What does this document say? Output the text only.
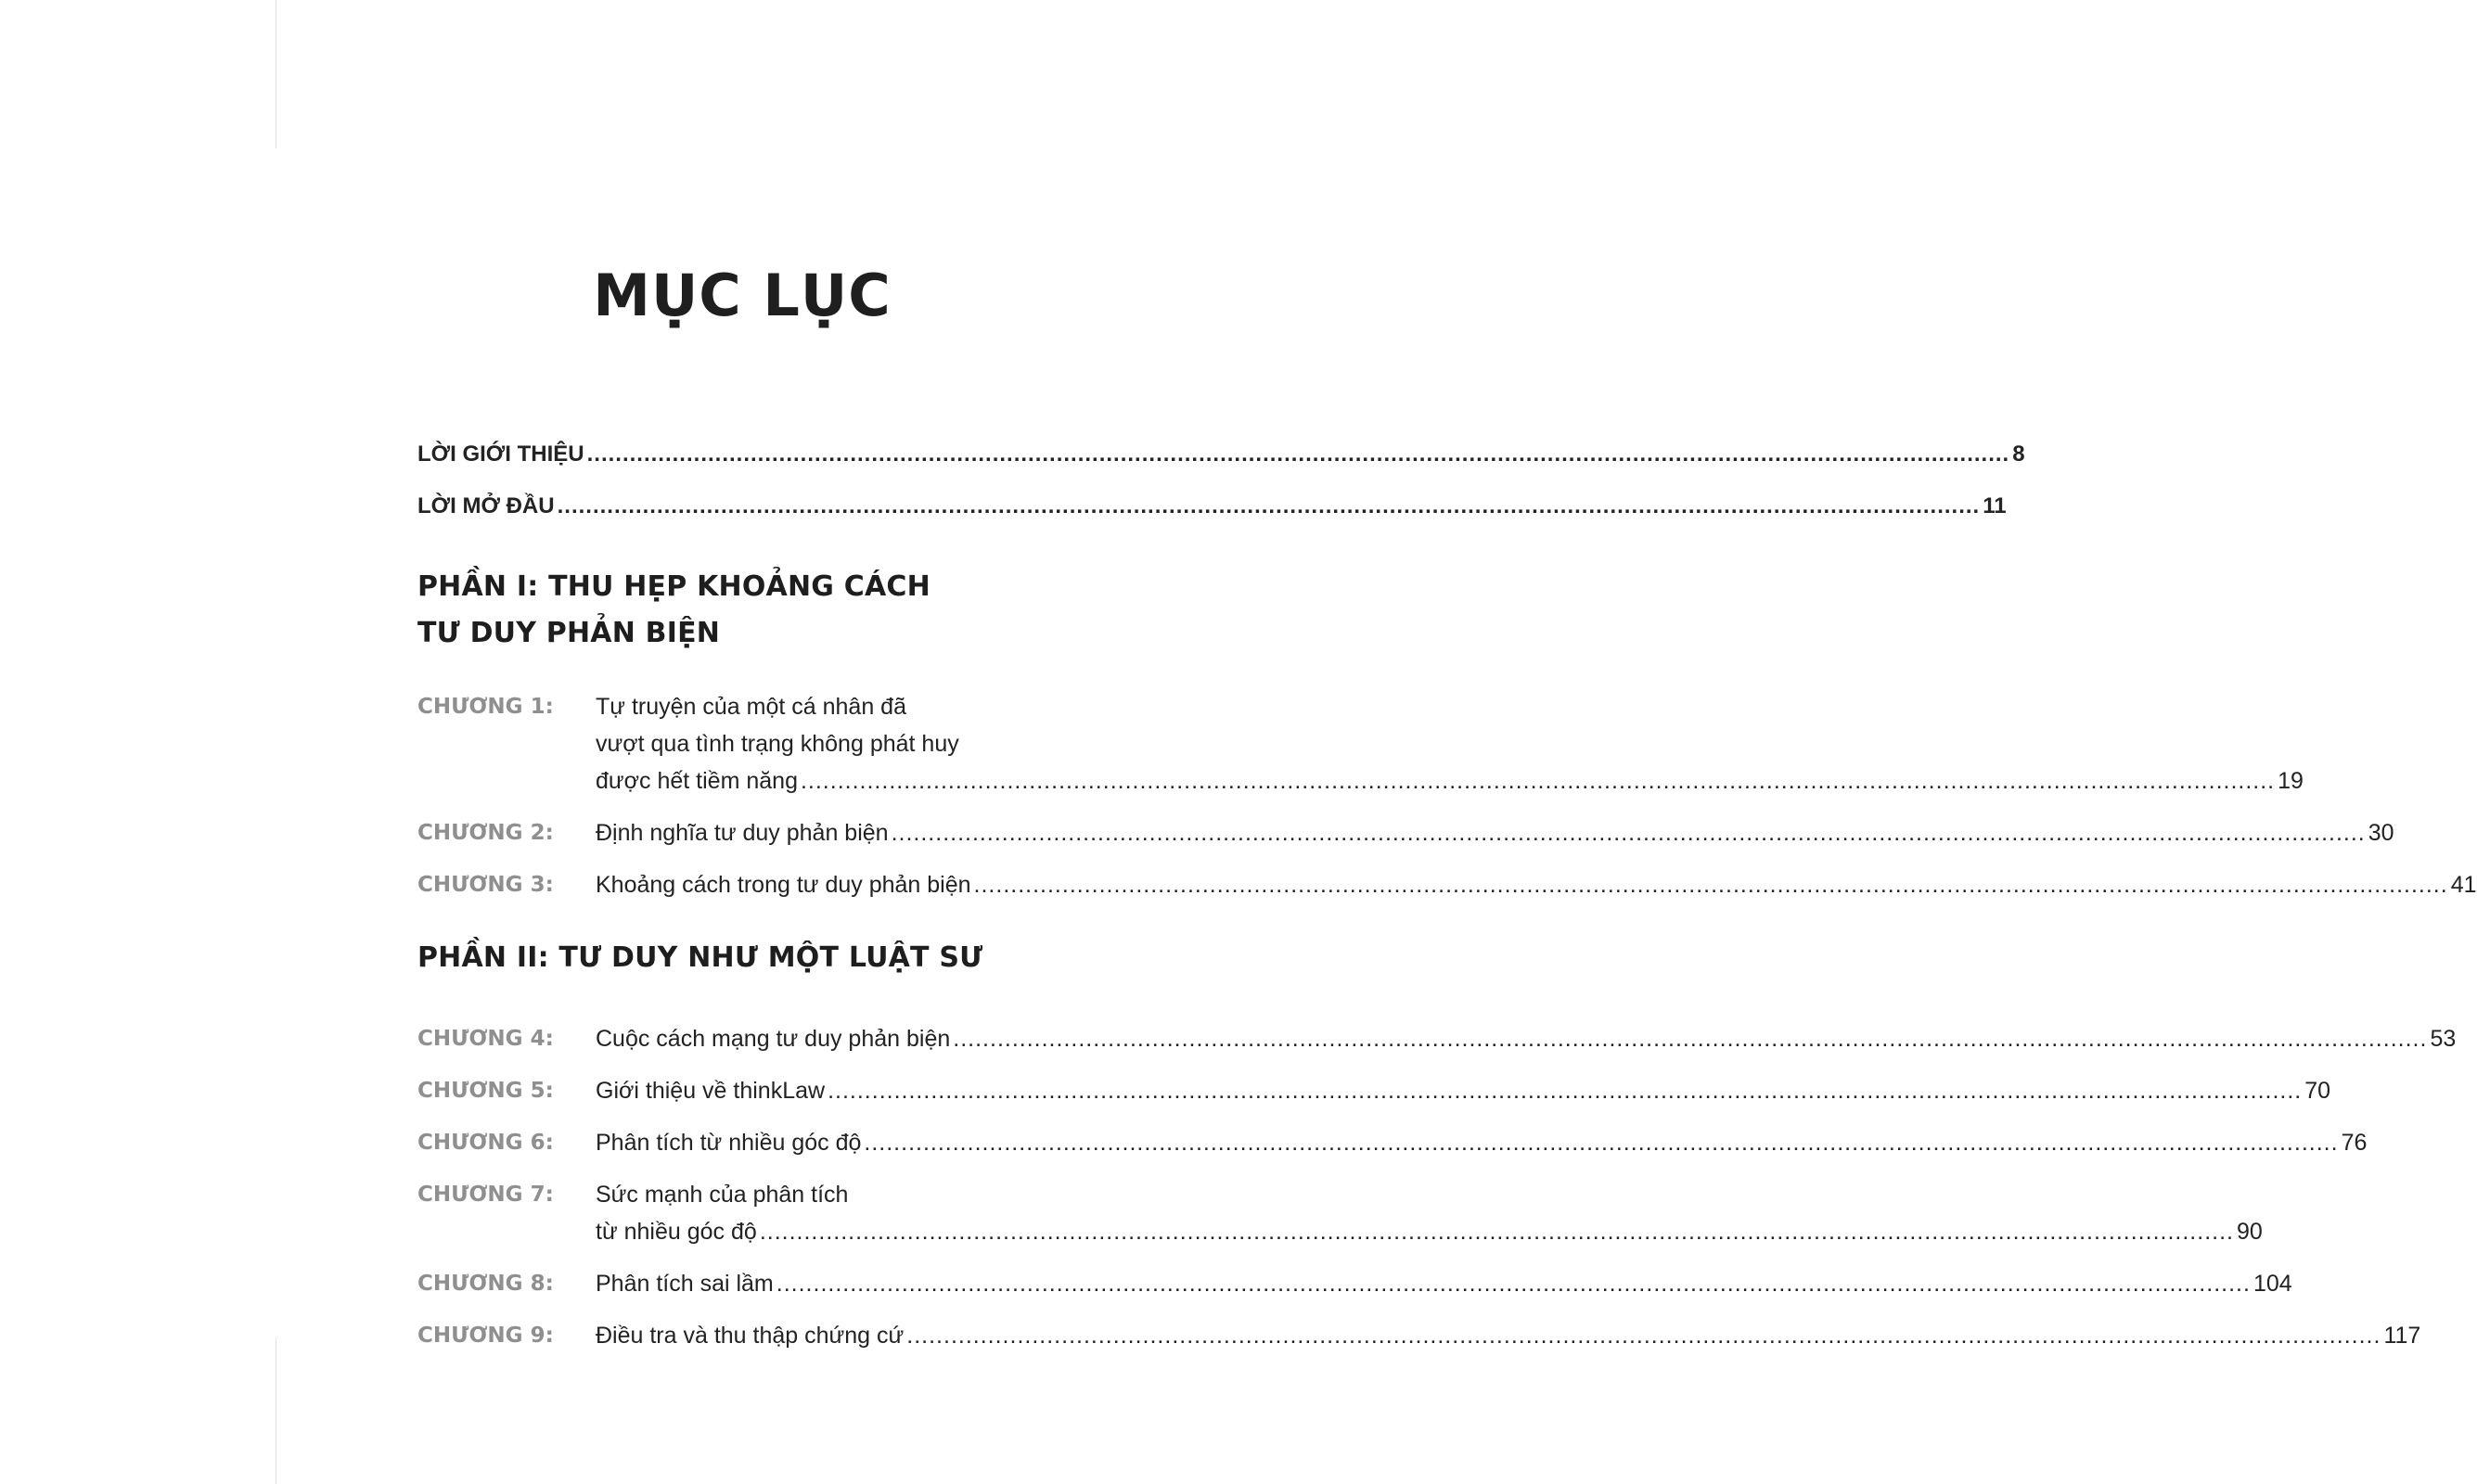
MỤC LỤC
LỜI GIỚI THIỆU .....	8
LỜI MỞ ĐẦU .....	11
PHẦN I: THU HẸP KHOẢNG CÁCH
TƯ DUY PHẢN BIỆN
CHƯƠNG 1:	Tự truyện của một cá nhân đã
vượt qua tình trạng không phát huy
được hết tiềm năng .....	19
CHƯƠNG 2:	Định nghĩa tư duy phản biện .....	30
CHƯƠNG 3:	Khoảng cách trong tư duy phản biện .....	41
PHẦN II: TƯ DUY NHƯ MỘT LUẬT SƯ
CHƯƠNG 4:	Cuộc cách mạng tư duy phản biện .....	53
CHƯƠNG 5:	Giới thiệu về thinkLaw .....	70
CHƯƠNG 6:	Phân tích từ nhiều góc độ .....	76
CHƯƠNG 7:	Sức mạnh của phân tích
từ nhiều góc độ .....	90
CHƯƠNG 8:	Phân tích sai lầm .....	104
CHƯƠNG 9:	Điều tra và thu thập chứng cứ .....	117
